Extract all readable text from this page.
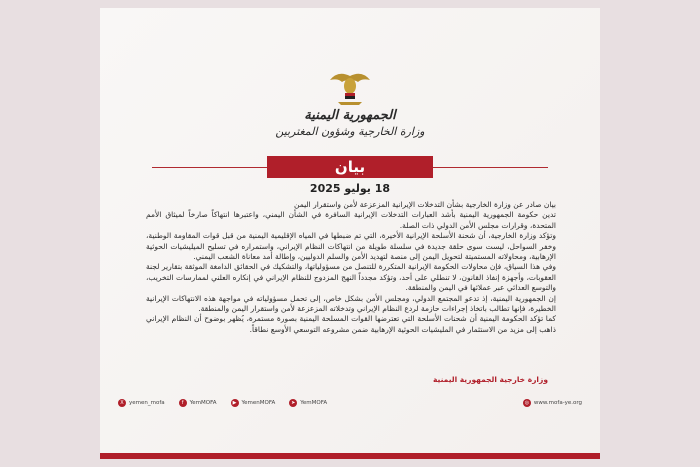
الجمهورية اليمنية
وزارة الخارجية وشؤون المغتربين
بيان
18 يوليو 2025

بيان صادر عن وزارة الخارجية بشأن التدخلات الإيرانية المزعزعة لأمن واستقرار اليمن

تدين حكومة الجمهورية اليمنية بأشد العبارات التدخلات الإيرانية السافرة في الشأن اليمني، واعتبرها انتهاكاً صارخاً لميثاق الأمم المتحدة، وقرارات مجلس الأمن الدولي ذات الصلة.

وتؤكد وزارة الخارجية، أن شحنة الأسلحة الإيرانية الأخيرة، التي تم ضبطها في المياه الإقليمية اليمنية من قبل قوات المقاومة الوطنية، وخفر السواحل، ليست سوى حلقة جديدة في سلسلة طويلة من انتهاكات النظام الإيراني، واستمراره في تسليح الميليشيات الحوثية الإرهابية، ومحاولاته المستميتة لتحويل اليمن إلى منصة لتهديد الأمن والسلم الدوليين، وإطالة أمد معاناة الشعب اليمني.

وفي هذا السياق، فإن محاولات الحكومة الإيرانية المتكررة للتنصل من مسؤولياتها، والتشكيك في الحقائق الدامغة الموثقة بتقارير لجنة العقوبات، وأجهزة إنفاذ القانون، لا تنطلي على أحد، وتؤكد مجدداً النهج المزدوج للنظام الإيراني في إنكاره العلني لممارسات التخريب، والتوسع العدائي عبر عملائها في اليمن والمنطقة.

إن الجمهورية اليمنية، إذ تدعو المجتمع الدولي، ومجلس الأمن بشكل خاص، إلى تحمل مسؤولياته في مواجهة هذه الانتهاكات الإيرانية الخطيرة، فإنها تطالب باتخاذ إجراءات حازمة لردع النظام الإيراني وتدخلاته المزعزعة لأمن واستقرار اليمن والمنطقة.

كما تؤكد الحكومة اليمنية أن شحنات الأسلحة التي تعترضها القوات المسلحة اليمنية بصورة مستمرة، يُظهر بوضوح أن النظام الإيراني ذاهب إلى مزيد من الاستثمار في المليشيات الحوثية الإرهابية ضمن مشروعه التوسعي الأوسع نطاقاً.

وزارة خارجية الجمهورية اليمنية
X yemen_mofa	f	YemMOFA	▶ YemenMOFA	➤ YemMOFA	◎ www.mofa-ye.org
